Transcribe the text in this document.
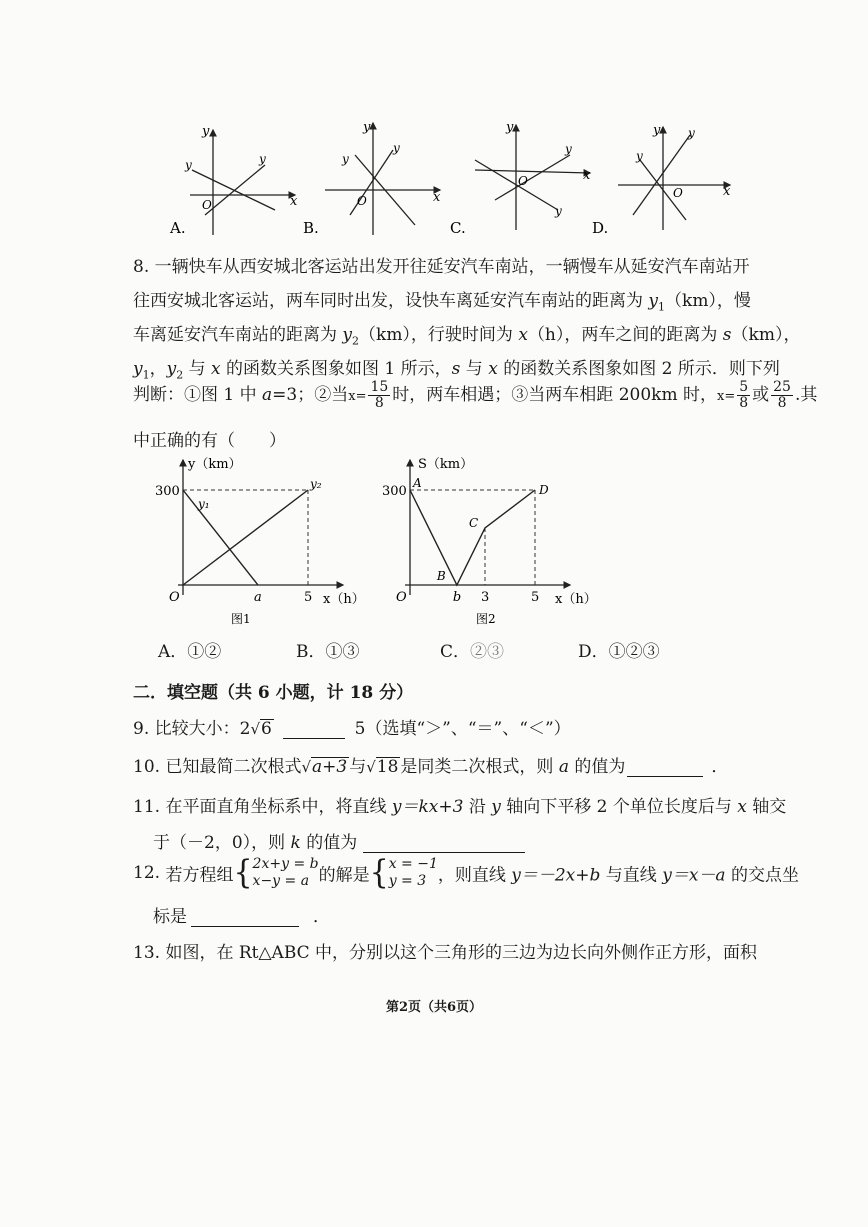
y
x
O
y	y
A.
y
x
O
y
y
B.
y
x
O
y
y
C.
y
x
O
y
y
D.
8. 一辆快车从西安城北客运站出发开往延安汽车南站，一辆慢车从延安汽车南站开
往西安城北客运站，两车同时出发，设快车离延安汽车南站的距离为 $y_1(km)$，慢
车离延安汽车南站的距离为 $y_2(km)$，行驶时间为 x（h），两车之间的距离为 s（km），
$y_1$，$y_2$ 与 x 的函数关系图象如图 1 所示，s 与 x 的函数关系图象如图 2 所示．则下列
判断：①图 1 中 a=3；②当$x= \frac{15}{8}$ 时，两车相遇；③当两车相距 200km 时，$x= \frac{5}{8}$ 或 $\frac{25}{8}$ .其
中正确的有（　　）
y（km）
x（h）
300
O	a	5
y₁
y₂
图1
S（km）
x（h）
300
O	b 3	5
A
B
C
D
图2
A．①②	B．①③	C．②③	D．①②③
二．填空题（共 6 小题，计 18 分）
9. 比较大小：2√6	5（选填“＞”、“＝”、“＜”）
10. 已知最简二次根式√a+3 与√18 是同类二次根式，则 a 的值为	．
11. 在平面直角坐标系中，将直线 y＝kx+3 沿 y 轴向下平移 2 个单位长度后与 x 轴交
于（－2，0），则 k 的值为
12. 若方程组{ 2x+y = b
x−y = a 的解是{ x = −1
y = 3 ，则直线 y＝－2x+b 与直线 y＝x－a 的交点坐
标是	．
13. 如图，在 Rt△ABC 中，分别以这个三角形的三边为边长向外侧作正方形，面积
第2页（共6页）
